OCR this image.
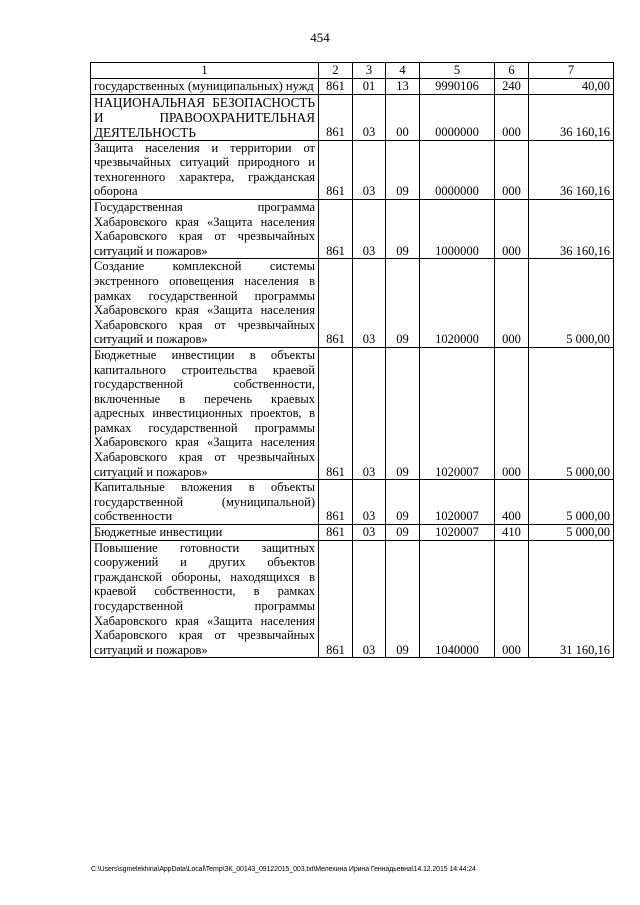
454
1	2	3	4	5	6	7
государственных (муниципальных) нужд	861	01	13	9990106	240	40,00
НАЦИОНАЛЬНАЯ БЕЗОПАСНОСТЬ И ПРАВООХРАНИТЕЛЬНАЯ ДЕЯТЕЛЬНОСТЬ	861	03	00	0000000	000	36 160,16
Защита населения и территории от чрезвычайных ситуаций природного и техногенного характера, гражданская оборона	861	03	09	0000000	000	36 160,16
Государственная программа Хабаровского края «Защита населения Хабаровского края от чрезвычайных ситуаций и пожаров»	861	03	09	1000000	000	36 160,16
Создание комплексной системы экстренного оповещения населения в рамках государственной программы Хабаровского края «Защита населения Хабаровского края от чрезвычайных ситуаций и пожаров»	861	03	09	1020000	000	5 000,00
Бюджетные инвестиции в объекты капитального строительства краевой государственной собственности, включенные в перечень краевых адресных инвестиционных проектов, в рамках государственной программы Хабаровского края «Защита населения Хабаровского края от чрезвычайных ситуаций и пожаров»	861	03	09	1020007	000	5 000,00
Капитальные вложения в объекты государственной (муниципальной) собственности	861	03	09	1020007	400	5 000,00
Бюджетные инвестиции	861	03	09	1020007	410	5 000,00
Повышение готовности защитных сооружений и других объектов гражданской обороны, находящихся в краевой собственности, в рамках государственной программы Хабаровского края «Защита населения Хабаровского края от чрезвычайных ситуаций и пожаров»	861	03	09	1040000	000	31 160,16
C:\Users\sgmelekhina\AppData\Local\Temp\ЗК_00143_09122015_003.txt\Мелехина Ирина Геннадьевна\14.12.2015 14:44:24
